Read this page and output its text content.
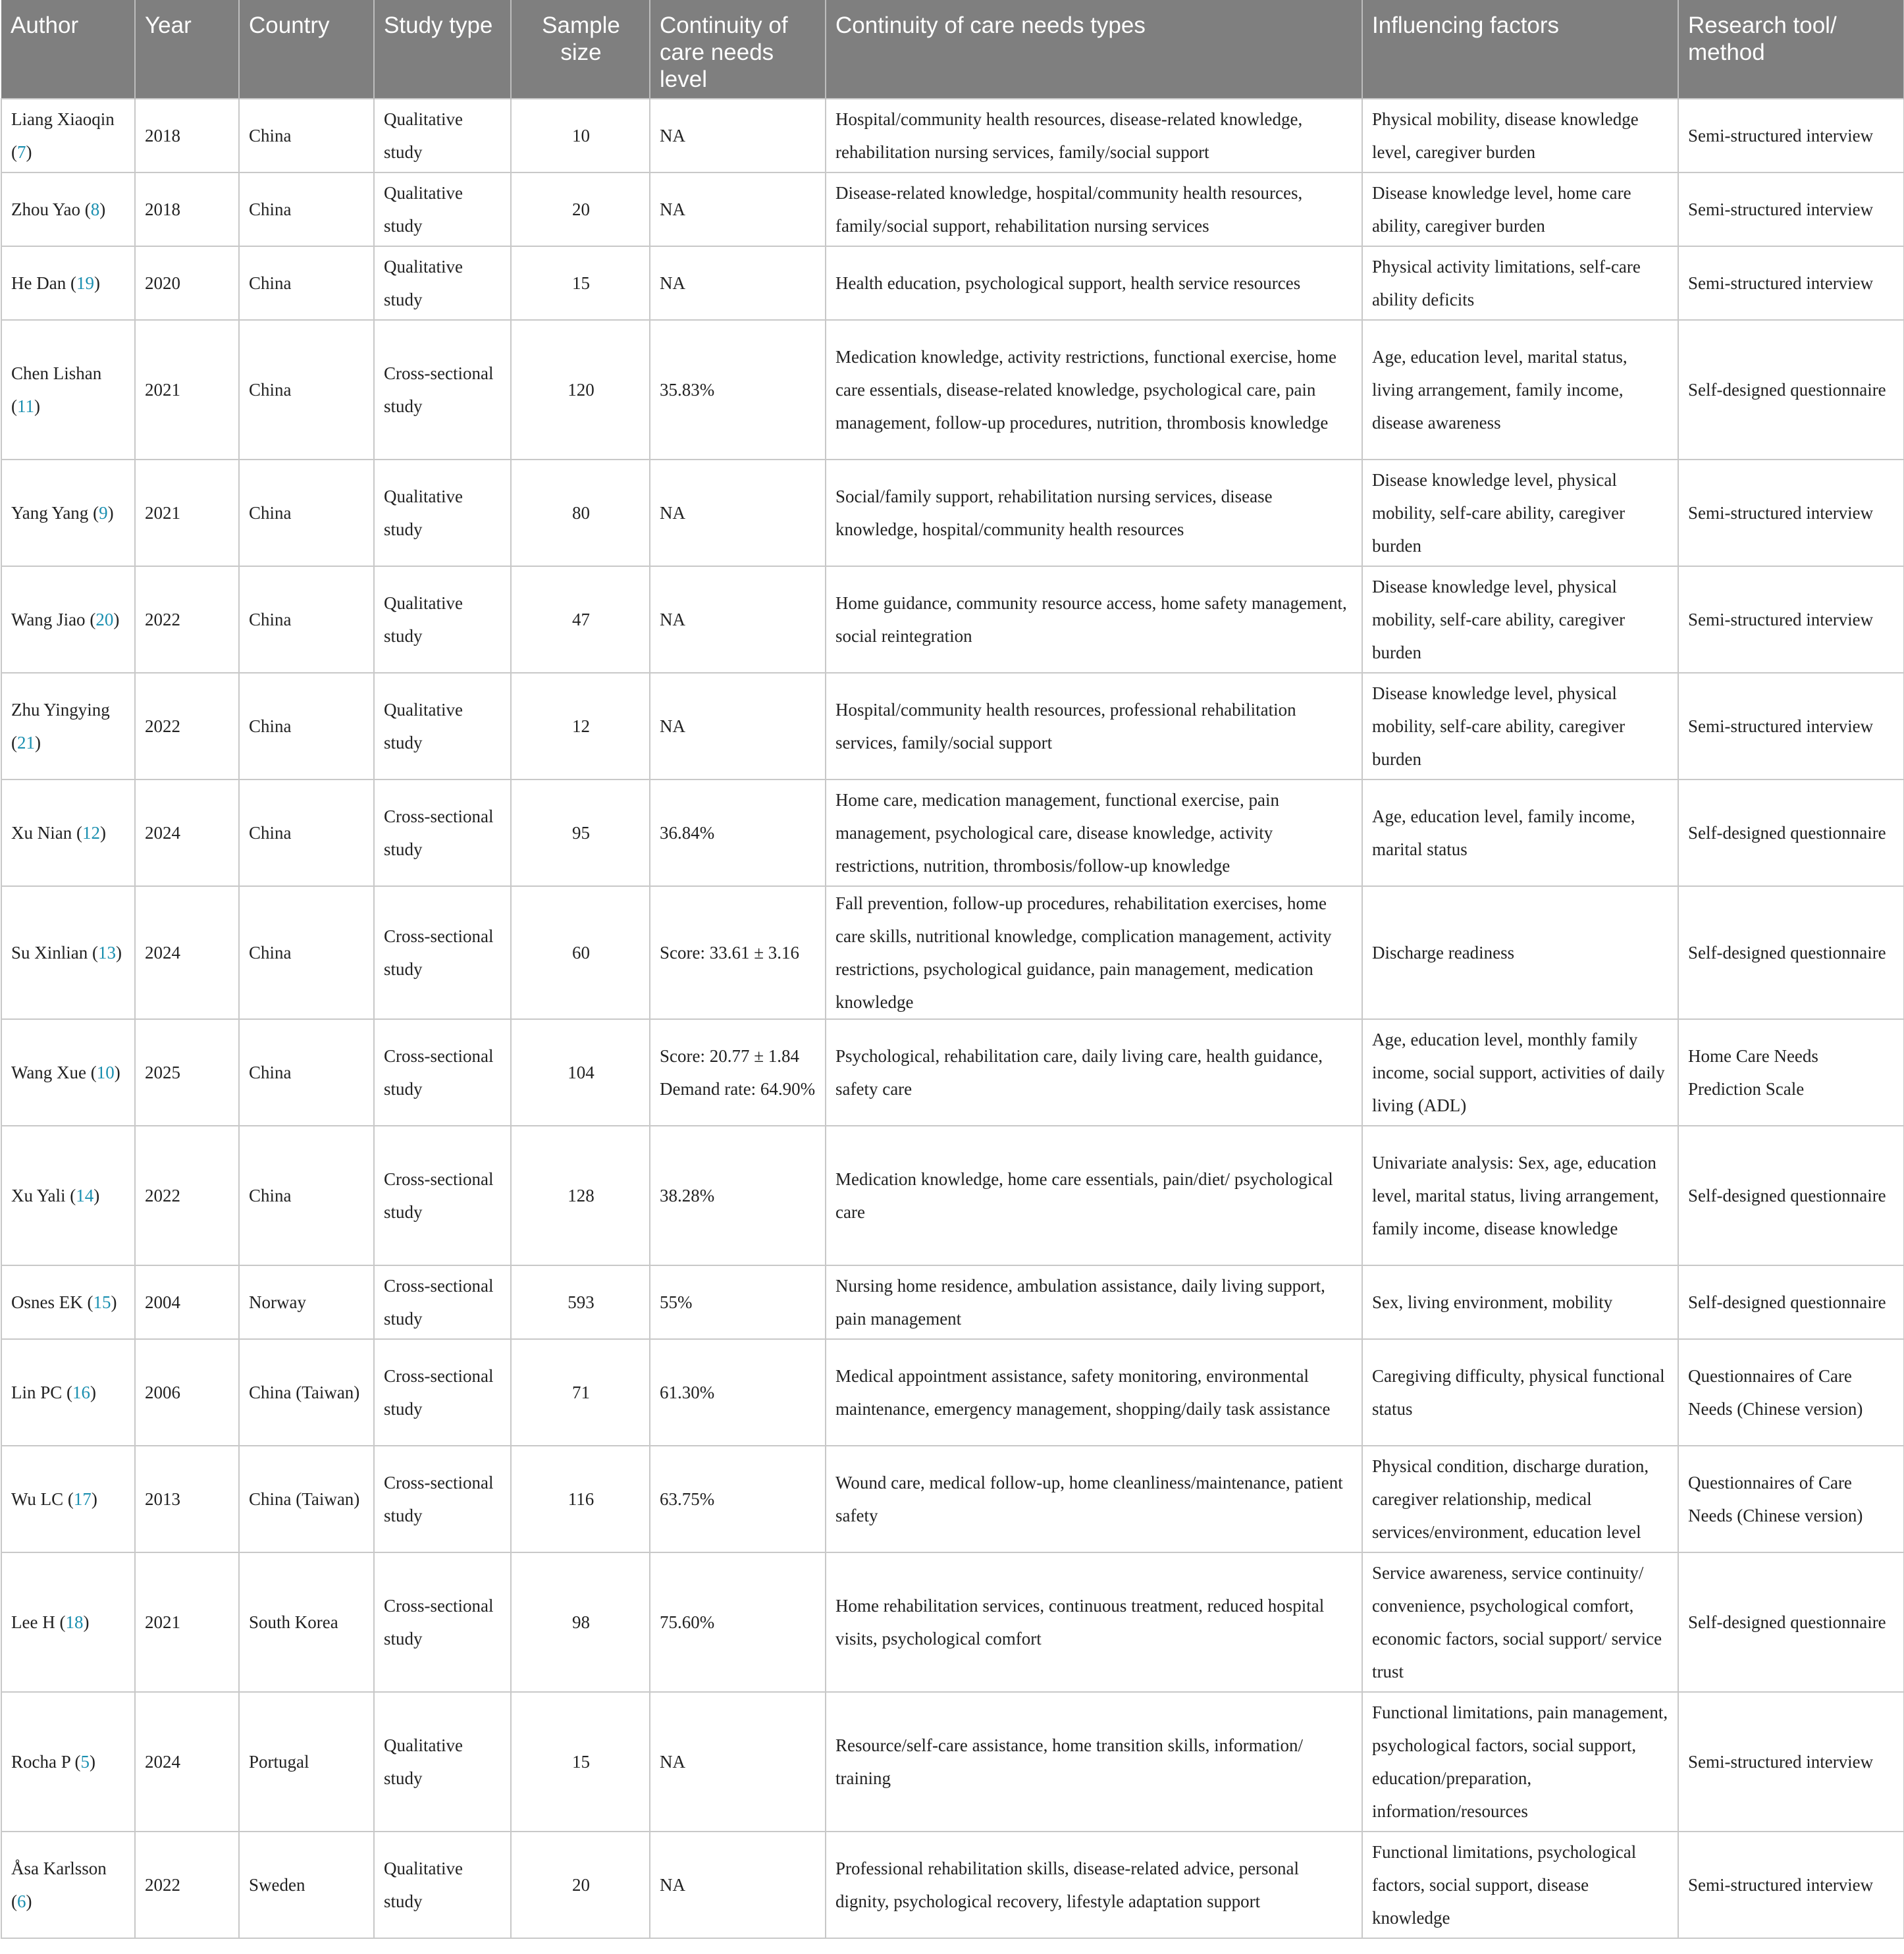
Author	Year	Country	Study type	Sample size	Continuity of care needs level	Continuity of care needs types	Influencing factors	Research tool/ method
Liang Xiaoqin (7)	2018	China	Qualitative study	10	NA	Hospital/community health resources, disease-related knowledge, rehabilitation nursing services, family/social support	Physical mobility, disease knowledge level, caregiver burden	Semi-structured interview
Zhou Yao (8)	2018	China	Qualitative study	20	NA	Disease-related knowledge, hospital/community health resources, family/social support, rehabilitation nursing services	Disease knowledge level, home care ability, caregiver burden	Semi-structured interview
He Dan (19)	2020	China	Qualitative study	15	NA	Health education, psychological support, health service resources	Physical activity limitations, self-care ability deficits	Semi-structured interview
Chen Lishan (11)	2021	China	Cross-sectional study	120	35.83%	Medication knowledge, activity restrictions, functional exercise, home care essentials, disease-related knowledge, psychological care, pain management, follow-up procedures, nutrition, thrombosis knowledge	Age, education level, marital status, living arrangement, family income, disease awareness	Self-designed questionnaire
Yang Yang (9)	2021	China	Qualitative study	80	NA	Social/family support, rehabilitation nursing services, disease knowledge, hospital/community health resources	Disease knowledge level, physical mobility, self-care ability, caregiver burden	Semi-structured interview
Wang Jiao (20)	2022	China	Qualitative study	47	NA	Home guidance, community resource access, home safety management, social reintegration	Disease knowledge level, physical mobility, self-care ability, caregiver burden	Semi-structured interview
Zhu Yingying (21)	2022	China	Qualitative study	12	NA	Hospital/community health resources, professional rehabilitation services, family/social support	Disease knowledge level, physical mobility, self-care ability, caregiver burden	Semi-structured interview
Xu Nian (12)	2024	China	Cross-sectional study	95	36.84%	Home care, medication management, functional exercise, pain management, psychological care, disease knowledge, activity restrictions, nutrition, thrombosis/follow-up knowledge	Age, education level, family income, marital status	Self-designed questionnaire
Su Xinlian (13)	2024	China	Cross-sectional study	60	Score: 33.61 ± 3.16	Fall prevention, follow-up procedures, rehabilitation exercises, home care skills, nutritional knowledge, complication management, activity restrictions, psychological guidance, pain management, medication knowledge	Discharge readiness	Self-designed questionnaire
Wang Xue (10)	2025	China	Cross-sectional study	104	Score: 20.77 ± 1.84 Demand rate: 64.90%	Psychological, rehabilitation care, daily living care, health guidance, safety care	Age, education level, monthly family income, social support, activities of daily living (ADL)	Home Care Needs Prediction Scale
Xu Yali (14)	2022	China	Cross-sectional study	128	38.28%	Medication knowledge, home care essentials, pain/diet/ psychological care	Univariate analysis: Sex, age, education level, marital status, living arrangement, family income, disease knowledge	Self-designed questionnaire
Osnes EK (15)	2004	Norway	Cross-sectional study	593	55%	Nursing home residence, ambulation assistance, daily living support, pain management	Sex, living environment, mobility	Self-designed questionnaire
Lin PC (16)	2006	China (Taiwan)	Cross-sectional study	71	61.30%	Medical appointment assistance, safety monitoring, environmental maintenance, emergency management, shopping/daily task assistance	Caregiving difficulty, physical functional status	Questionnaires of Care Needs (Chinese version)
Wu LC (17)	2013	China (Taiwan)	Cross-sectional study	116	63.75%	Wound care, medical follow-up, home cleanliness/maintenance, patient safety	Physical condition, discharge duration, caregiver relationship, medical services/environment, education level	Questionnaires of Care Needs (Chinese version)
Lee H (18)	2021	South Korea	Cross-sectional study	98	75.60%	Home rehabilitation services, continuous treatment, reduced hospital visits, psychological comfort	Service awareness, service continuity/ convenience, psychological comfort, economic factors, social support/ service trust	Self-designed questionnaire
Rocha P (5)	2024	Portugal	Qualitative study	15	NA	Resource/self-care assistance, home transition skills, information/ training	Functional limitations, pain management, psychological factors, social support, education/preparation, information/resources	Semi-structured interview
Åsa Karlsson (6)	2022	Sweden	Qualitative study	20	NA	Professional rehabilitation skills, disease-related advice, personal dignity, psychological recovery, lifestyle adaptation support	Functional limitations, psychological factors, social support, disease knowledge	Semi-structured interview
